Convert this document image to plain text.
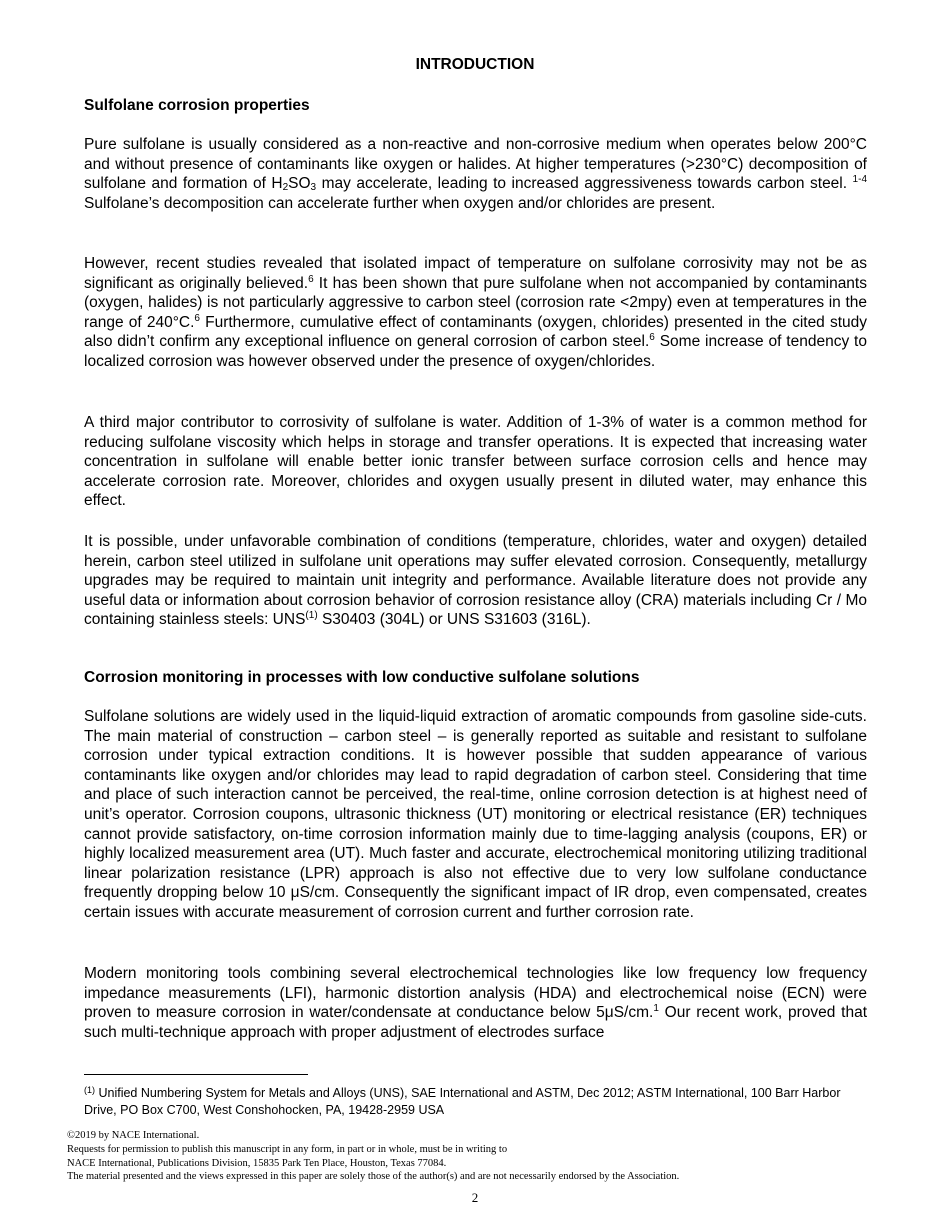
INTRODUCTION

Sulfolane corrosion properties

Pure sulfolane is usually considered as a non-reactive and non-corrosive medium when operates below 200°C and without presence of contaminants like oxygen or halides. At higher temperatures (>230°C) decomposition of sulfolane and formation of $H_2SO_3$ may accelerate, leading to increased aggressiveness towards carbon steel. $^{1-4}$ Sulfolane’s decomposition can accelerate further when oxygen and/or chlorides are present.

However, recent studies revealed that isolated impact of temperature on sulfolane corrosivity may not be as significant as originally believed.$^6$ It has been shown that pure sulfolane when not accompanied by contaminants (oxygen, halides) is not particularly aggressive to carbon steel (corrosion rate <2mpy) even at temperatures in the range of 240°C.$^6$ Furthermore, cumulative effect of contaminants (oxygen, chlorides) presented in the cited study also didn’t confirm any exceptional influence on general corrosion of carbon steel.$^6$ Some increase of tendency to localized corrosion was however observed under the presence of oxygen/chlorides.

A third major contributor to corrosivity of sulfolane is water. Addition of 1-3% of water is a common method for reducing sulfolane viscosity which helps in storage and transfer operations. It is expected that increasing water concentration in sulfolane will enable better ionic transfer between surface corrosion cells and hence may accelerate corrosion rate. Moreover, chlorides and oxygen usually present in diluted water, may enhance this effect.

It is possible, under unfavorable combination of conditions (temperature, chlorides, water and oxygen) detailed herein, carbon steel utilized in sulfolane unit operations may suffer elevated corrosion. Consequently, metallurgy upgrades may be required to maintain unit integrity and performance. Available literature does not provide any useful data or information about corrosion behavior of corrosion resistance alloy (CRA) materials including Cr / Mo containing stainless steels: UNS$^{(1)}$ S30403 (304L) or UNS S31603 (316L).

Corrosion monitoring in processes with low conductive sulfolane solutions

Sulfolane solutions are widely used in the liquid-liquid extraction of aromatic compounds from gasoline side-cuts. The main material of construction – carbon steel – is generally reported as suitable and resistant to sulfolane corrosion under typical extraction conditions. It is however possible that sudden appearance of various contaminants like oxygen and/or chlorides may lead to rapid degradation of carbon steel. Considering that time and place of such interaction cannot be perceived, the real-time, online corrosion detection is at highest need of unit’s operator. Corrosion coupons, ultrasonic thickness (UT) monitoring or electrical resistance (ER) techniques cannot provide satisfactory, on-time corrosion information mainly due to time-lagging analysis (coupons, ER) or highly localized measurement area (UT). Much faster and accurate, electrochemical monitoring utilizing traditional linear polarization resistance (LPR) approach is also not effective due to very low sulfolane conductance frequently dropping below 10 μS/cm. Consequently the significant impact of IR drop, even compensated, creates certain issues with accurate measurement of corrosion current and further corrosion rate.

Modern monitoring tools combining several electrochemical technologies like low frequency low frequency impedance measurements (LFI), harmonic distortion analysis (HDA) and electrochemical noise (ECN) were proven to measure corrosion in water/condensate at conductance below 5μS/cm.$^1$ Our recent work, proved that such multi-technique approach with proper adjustment of electrodes surface

$^{(1)}$ Unified Numbering System for Metals and Alloys (UNS), SAE International and ASTM, Dec 2012; ASTM International, 100 Barr Harbor Drive, PO Box C700, West Conshohocken, PA, 19428-2959 USA
©2019 by NACE International.
Requests for permission to publish this manuscript in any form, in part or in whole, must be in writing to
NACE International, Publications Division, 15835 Park Ten Place, Houston, Texas 77084.
The material presented and the views expressed in this paper are solely those of the author(s) and are not necessarily endorsed by the Association.
2
